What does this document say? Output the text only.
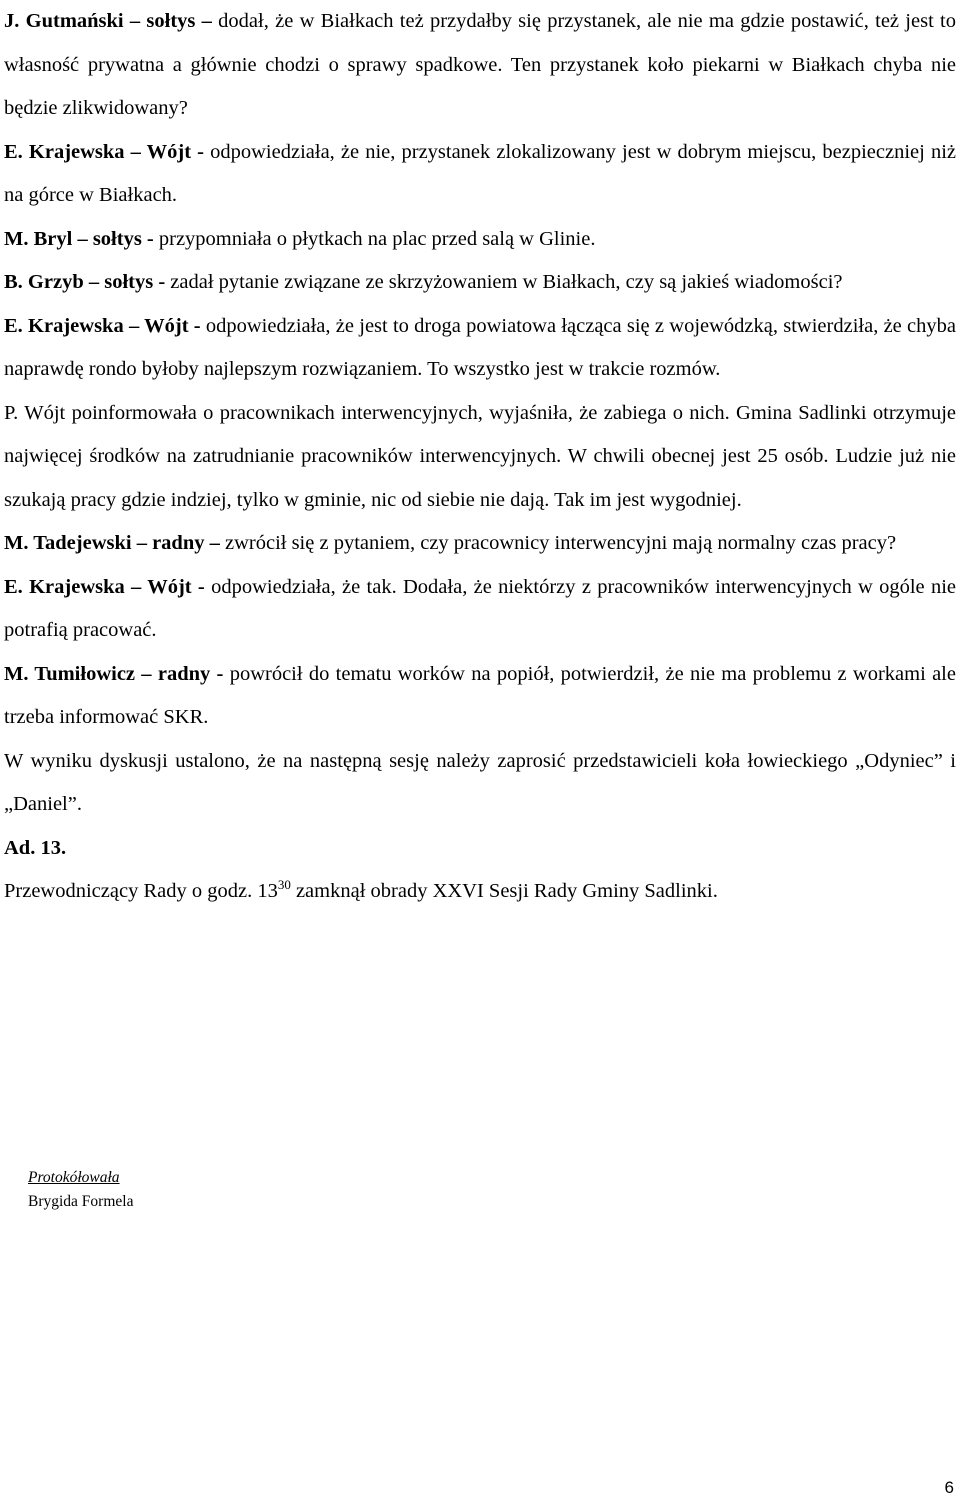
J. Gutmański – sołtys – dodał, że w Białkach też przydałby się przystanek, ale nie ma gdzie postawić, też jest to własność prywatna a głównie chodzi o sprawy spadkowe. Ten przystanek koło piekarni w Białkach chyba nie będzie zlikwidowany?

E. Krajewska – Wójt - odpowiedziała, że nie, przystanek zlokalizowany jest w dobrym miejscu, bezpieczniej niż na górce w Białkach.

M. Bryl – sołtys - przypomniała o płytkach na plac przed salą w Glinie.

B. Grzyb – sołtys - zadał pytanie związane ze skrzyżowaniem w Białkach, czy są jakieś wiadomości?

E. Krajewska – Wójt - odpowiedziała, że jest to droga powiatowa łącząca się z wojewódzką, stwierdziła, że chyba naprawdę rondo byłoby najlepszym rozwiązaniem. To wszystko jest w trakcie rozmów.

P. Wójt poinformowała o pracownikach interwencyjnych, wyjaśniła, że zabiega o nich. Gmina Sadlinki otrzymuje najwięcej środków na zatrudnianie pracowników interwencyjnych. W chwili obecnej jest 25 osób. Ludzie już nie szukają pracy gdzie indziej, tylko w gminie, nic od siebie nie dają. Tak im jest wygodniej.

M. Tadejewski – radny – zwrócił się z pytaniem, czy pracownicy interwencyjni mają normalny czas pracy?

E. Krajewska – Wójt - odpowiedziała, że tak. Dodała, że niektórzy z pracowników interwencyjnych w ogóle nie potrafią pracować.

M. Tumiłowicz – radny - powrócił do tematu worków na popiół, potwierdził, że nie ma problemu z workami ale trzeba informować SKR.

W wyniku dyskusji ustalono, że na następną sesję należy zaprosić przedstawicieli koła łowieckiego „Odyniec” i „Daniel”.

Ad. 13.

Przewodniczący Rady o godz. $13^{30}$ zamknął obrady XXVI Sesji Rady Gminy Sadlinki.

Protokółowała
Brygida Formela
6
